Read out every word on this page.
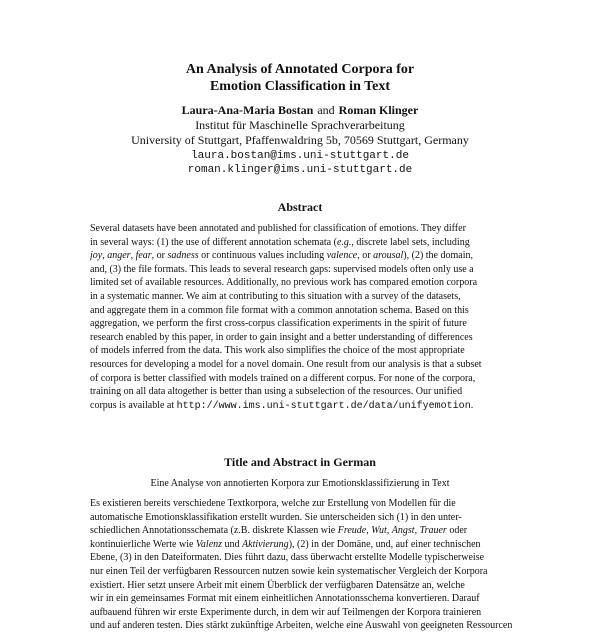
An Analysis of Annotated Corpora for
Emotion Classification in Text
Laura-Ana-Maria Bostan and Roman Klinger
Institut für Maschinelle Sprachverarbeitung
University of Stuttgart, Pfaffenwaldring 5b, 70569 Stuttgart, Germany
laura.bostan@ims.uni-stuttgart.de
roman.klinger@ims.uni-stuttgart.de
Abstract
Several datasets have been annotated and published for classification of emotions. They differ
in several ways: (1) the use of different annotation schemata (e.g., discrete label sets, including
joy, anger, fear, or sadness or continuous values including valence, or arousal), (2) the domain,
and, (3) the file formats. This leads to several research gaps: supervised models often only use a
limited set of available resources. Additionally, no previous work has compared emotion corpora
in a systematic manner. We aim at contributing to this situation with a survey of the datasets,
and aggregate them in a common file format with a common annotation schema. Based on this
aggregation, we perform the first cross-corpus classification experiments in the spirit of future
research enabled by this paper, in order to gain insight and a better understanding of differences
of models inferred from the data. This work also simplifies the choice of the most appropriate
resources for developing a model for a novel domain. One result from our analysis is that a subset
of corpora is better classified with models trained on a different corpus. For none of the corpora,
training on all data altogether is better than using a subselection of the resources. Our unified
corpus is available at http://www.ims.uni-stuttgart.de/data/unifyemotion.
Title and Abstract in German
Eine Analyse von annotierten Korpora zur Emotionsklassifizierung in Text
Es existieren bereits verschiedene Textkorpora, welche zur Erstellung von Modellen für die
automatische Emotionsklassifikation erstellt wurden. Sie unterscheiden sich (1) in den unter-
schiedlichen Annotationsschemata (z.B. diskrete Klassen wie Freude, Wut, Angst, Trauer oder
kontinuierliche Werte wie Valenz und Aktivierung), (2) in der Domäne, und, auf einer technischen
Ebene, (3) in den Dateiformaten. Dies führt dazu, dass überwacht erstellte Modelle typischerweise
nur einen Teil der verfügbaren Ressourcen nutzen sowie kein systematischer Vergleich der Korpora
existiert. Hier setzt unsere Arbeit mit einem Überblick der verfügbaren Datensätze an, welche
wir in ein gemeinsames Format mit einem einheitlichen Annotationsschema konvertieren. Darauf
aufbauend führen wir erste Experimente durch, in dem wir auf Teilmengen der Korpora trainieren
und auf anderen testen. Dies stärkt zukünftige Arbeiten, welche eine Auswahl von geeigneten Ressourcen
